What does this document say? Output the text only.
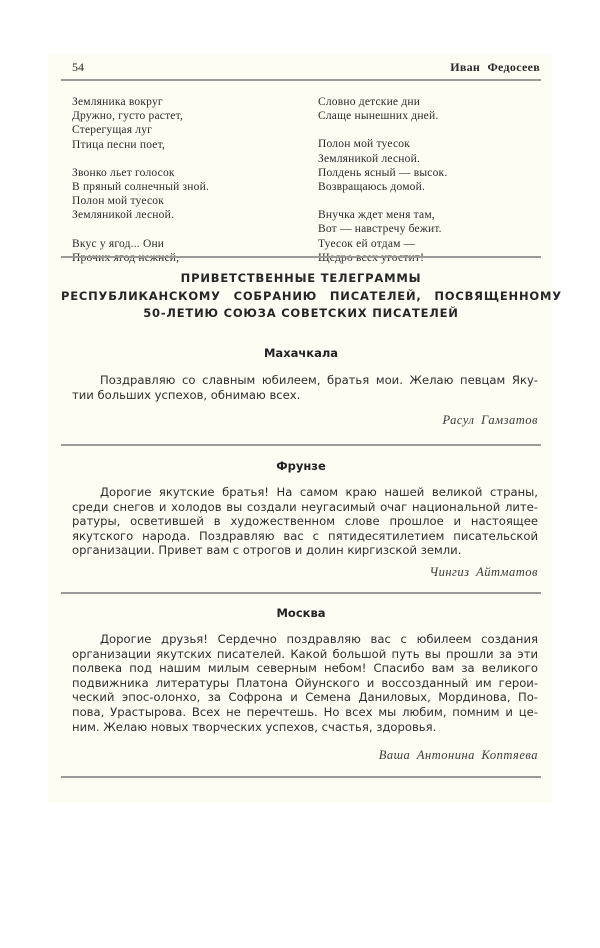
54	Иван Федосеев
Земляника вокруг
Дружно, густо растет,
Стерегущая луг
Птица песни поет,
Звонко льет голосок
В пряный солнечный зной.
Полон мой туесок
Земляникой лесной.
Вкус у ягод... Они
Словно детские дни
Слаще нынешних дней.
Полон мой туесок
Земляникой лесной.
Полдень ясный — высок.
Возвращаюсь домой.
Внучка ждет меня там,
Вот — навстречу бежит.
Туесок ей отдам —
ПРИВЕТСТВЕННЫЕ ТЕЛЕГРАММЫ
РЕСПУБЛИКАНСКОМУ СОБРАНИЮ ПИСАТЕЛЕЙ, ПОСВЯЩЕННОМУ
50-ЛЕТИЮ СОЮЗА СОВЕТСКИХ ПИСАТЕЛЕЙ
Махачкала
Поздравляю со славным юбилеем, братья мои. Желаю певцам Яку-
тии больших успехов, обнимаю всех.
Расул Гамзатов
Фрунзе
Дорогие якутские братья! На самом краю нашей великой страны,
среди снегов и холодов вы создали неугасимый очаг национальной лите-
ратуры, осветившей в художественном слове прошлое и настоящее
якутского народа. Поздравляю вас с пятидесятилетием писательской
организации. Привет вам с отрогов и долин киргизской земли.
Чингиз Айтматов
Москва
Дорогие друзья! Сердечно поздравляю вас с юбилеем создания
организации якутских писателей. Какой большой путь вы прошли за эти
полвека под нашим милым северным небом! Спасибо вам за великого
подвижника литературы Платона Ойунского и воссозданный им герои-
ческий эпос-олонхо, за Софрона и Семена Даниловых, Мординова, По-
пова, Урастырова. Всех не перечтешь. Но всех мы любим, помним и це-
ним. Желаю новых творческих успехов, счастья, здоровья.
Ваша Антонина Коптяева
